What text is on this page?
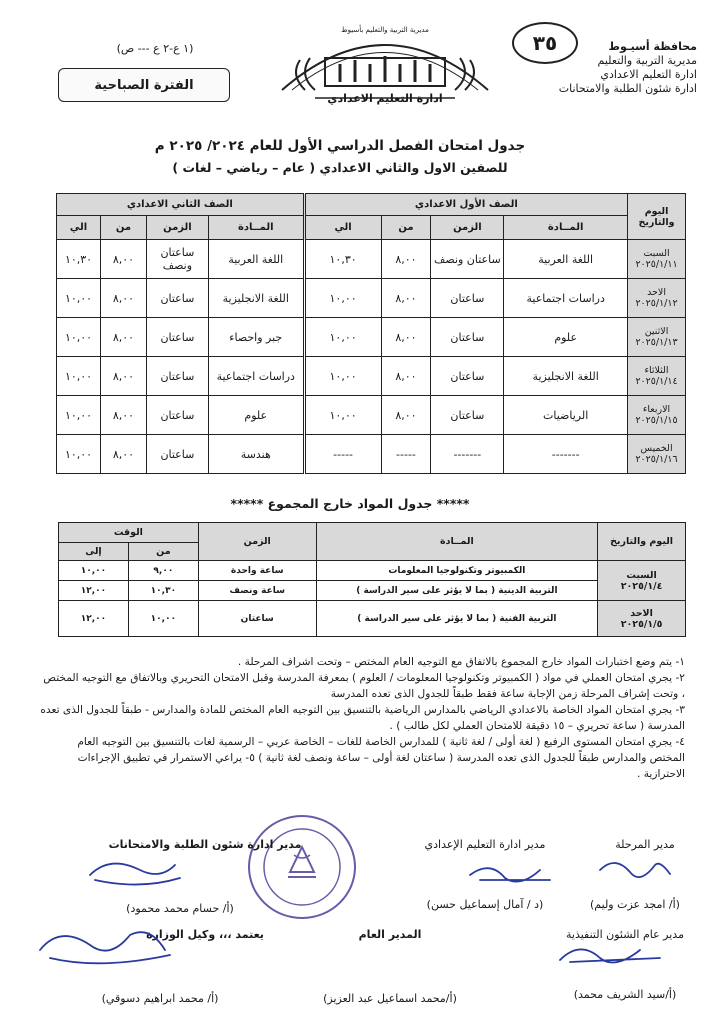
محافظة أسيـوط
مديرية التربية والتعليم
ادارة التعليم الاعدادي
ادارة شئون الطلبة والامتحانات
٣٥
مديرية التربية والتعليم بأسيوط
ادارة التعليم الاعدادي
(١ ع-٢ ع --- ص)
الفترة الصباحية
جدول امتحان الفصل الدراسي الأول للعام ٢٠٢٤/ ٢٠٢٥ م
للصفين الاول والثاني الاعدادي ( عام – رياضي – لغات )
اليوم والتاريخ	الصف الأول الاعدادي				الصف الثاني الاعدادي			
	المــادة	الزمن	من	الي	المــادة	الزمن	من	الي

السبت
٢٠٢٥/١/١١	اللغة العربية	ساعتان ونصف	٨,٠٠	١٠,٣٠	اللغة العربية	ساعتان ونصف	٨,٠٠	١٠,٣٠

الاحد
٢٠٢٥/١/١٢	دراسات اجتماعية	ساعتان	٨,٠٠	١٠,٠٠	اللغة الانجليزية	ساعتان	٨,٠٠	١٠,٠٠

الاثنين
٢٠٢٥/١/١٣	علوم	ساعتان	٨,٠٠	١٠,٠٠	جبر واحصاء	ساعتان	٨,٠٠	١٠,٠٠

الثلاثاء
٢٠٢٥/١/١٤	اللغة الانجليزية	ساعتان	٨,٠٠	١٠,٠٠	دراسات اجتماعية	ساعتان	٨,٠٠	١٠,٠٠

الاربعاء
٢٠٢٥/١/١٥	الرياضيات	ساعتان	٨,٠٠	١٠,٠٠	علوم	ساعتان	٨,٠٠	١٠,٠٠

الخميس
٢٠٢٥/١/١٦	-------	-------	-----	-----	هندسة	ساعتان	٨,٠٠	١٠,٠٠
***** جدول المواد خارج المجموع *****
اليوم والتاريخ	المــادة	الزمن	الوقت	
			من	إلى

السبت
٢٠٢٥/١/٤	الكمبيوتر وتكنولوجيا المعلومات	ساعة واحدة	٩,٠٠	١٠,٠٠
	التربية الدينية ( بما لا يؤثر على سير الدراسة )	ساعة ونصف	١٠,٣٠	١٢,٠٠

الاحد
٢٠٢٥/١/٥	التربية الفنية ( بما لا يؤثر على سير الدراسة )	ساعتان	١٠,٠٠	١٢,٠٠
١- يتم وضع اختبارات المواد خارج المجموع بالاتفاق مع التوجيه العام المختص – وتحت اشراف المرحلة .
٢- يجري امتحان العملي في مواد ( الكمبيوتر وتكنولوجيا المعلومات / العلوم ) بمعرفة المدرسة وقبل الامتحان التحريري وبالاتفاق مع التوجيه المختص ، وتحت إشراف المرحلة زمن الإجابة ساعة فقط طبقاً للجدول الذى تعده المدرسة
٣- يجري امتحان المواد الخاصة بالاعدادي الرياضي بالمدارس الرياضية بالتنسيق بين التوجيه العام المختص للمادة والمدارس - طبقاً للجدول الذى تعده المدرسة ( ساعة تحريري – ١٥ دقيقة للامتحان العملي لكل طالب ) .
٤- يجري امتحان المستوى الرفيع ( لغة أولى / لغة ثانية ) للمدارس الخاصة للغات – الخاصة عربي – الرسمية لغات بالتنسيق بين التوجيه العام المختص والمدارس طبقاً للجدول الذى تعده المدرسة ( ساعتان لغة أولى – ساعة ونصف لغة ثانية ) ٥- يراعي الاستمرار في تطبيق الإجراءات الاحترازية .
مدير المرحلة
(أ/ امجد عزت وليم)
مدير ادارة التعليم الإعدادي
(د / آمال إسماعيل حسن)
مدير ادارة شئون الطلبة والامتحانات
(أ/ حسام محمد محمود)
مدير عام الشئون التنفيذية
(أ/سيد الشريف محمد)
المدير العام
(أ/محمد اسماعيل عبد العزيز)
يعتمد ،،، وكيل الوزارة
(أ/ محمد ابراهيم دسوقي)
